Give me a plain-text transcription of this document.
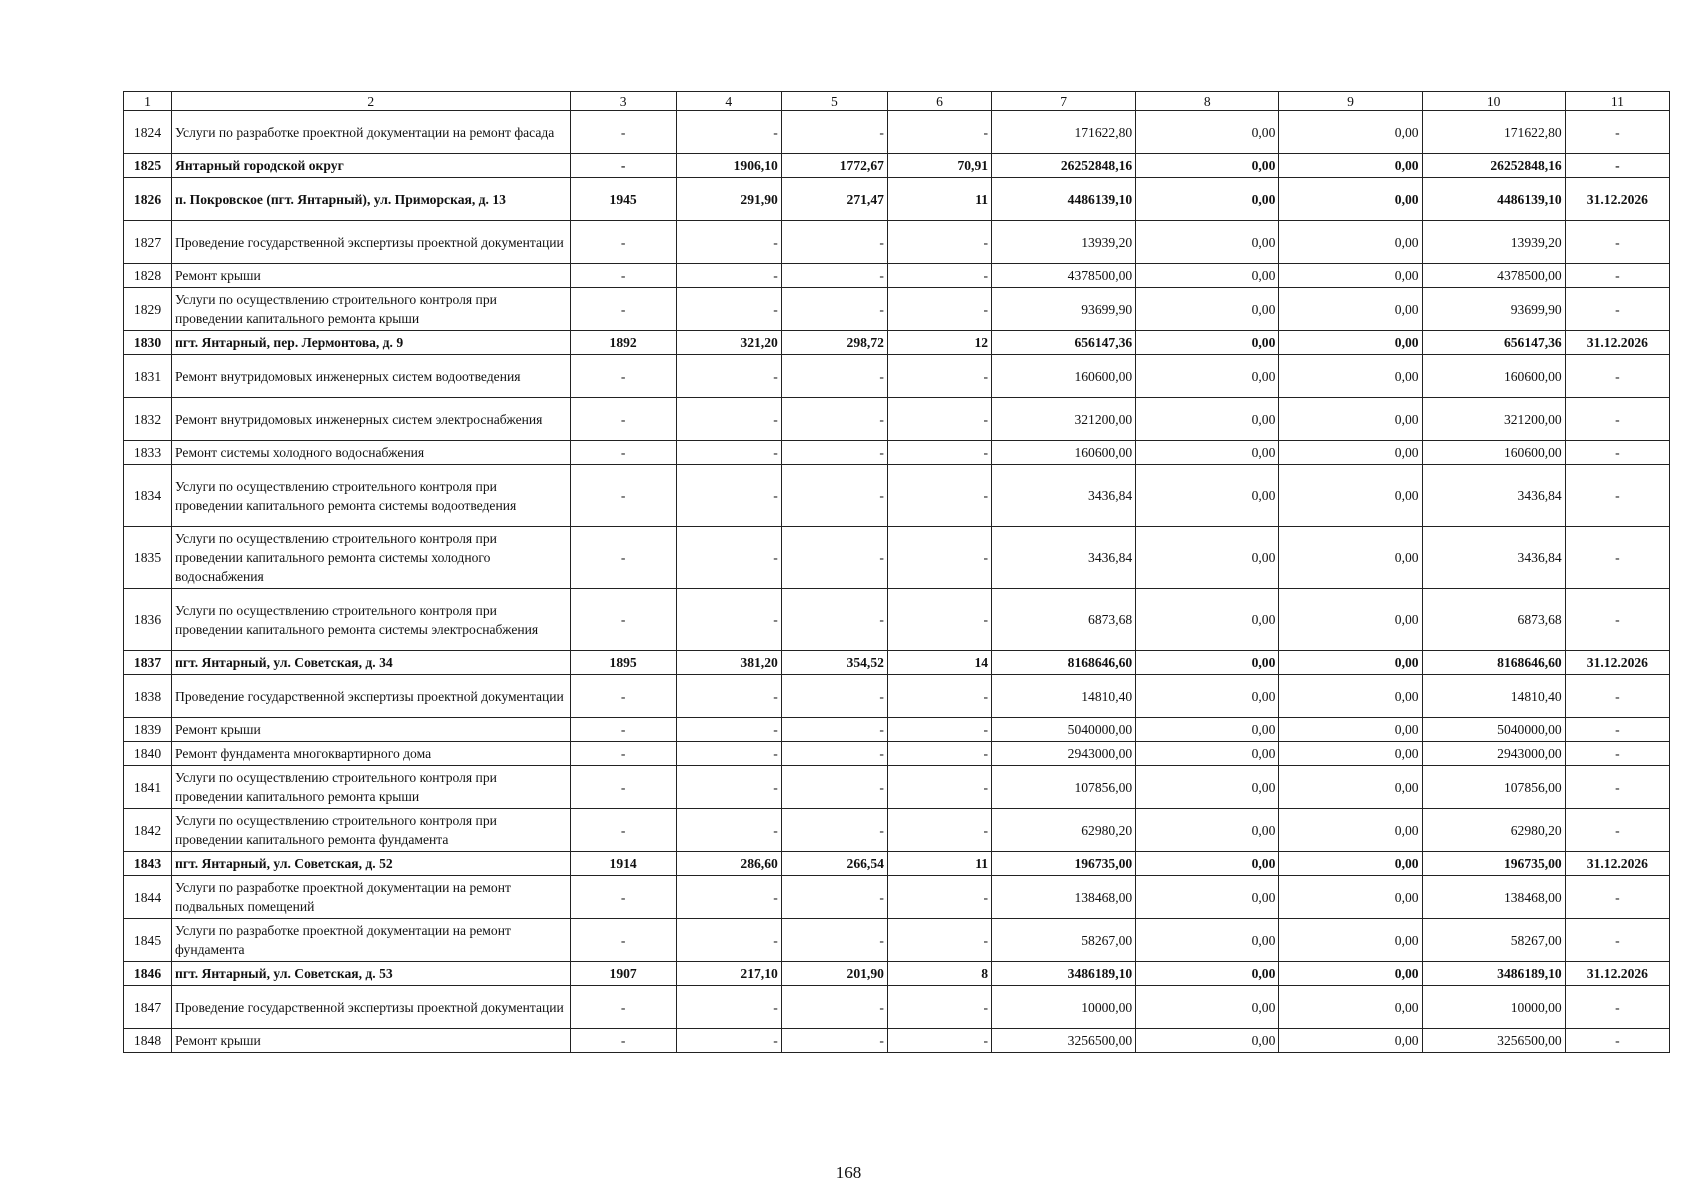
1	2	3	4	5	6	7	8	9	10	11
1824	Услуги по разработке проектной документации на ремонт фасада	-	-	-	-	171622,80	0,00	0,00	171622,80	-
1825	Янтарный городской округ	-	1906,10	1772,67	70,91	26252848,16	0,00	0,00	26252848,16	-
1826	п. Покровское (пгт. Янтарный), ул. Приморская, д. 13	1945	291,90	271,47	11	4486139,10	0,00	0,00	4486139,10	31.12.2026
1827	Проведение государственной экспертизы проектной документации	-	-	-	-	13939,20	0,00	0,00	13939,20	-
1828	Ремонт крыши	-	-	-	-	4378500,00	0,00	0,00	4378500,00	-
1829	Услуги по осуществлению строительного контроля при проведении капитального ремонта крыши	-	-	-	-	93699,90	0,00	0,00	93699,90	-
1830	пгт. Янтарный, пер. Лермонтова, д. 9	1892	321,20	298,72	12	656147,36	0,00	0,00	656147,36	31.12.2026
1831	Ремонт внутридомовых инженерных систем водоотведения	-	-	-	-	160600,00	0,00	0,00	160600,00	-
1832	Ремонт внутридомовых инженерных систем электроснабжения	-	-	-	-	321200,00	0,00	0,00	321200,00	-
1833	Ремонт системы холодного водоснабжения	-	-	-	-	160600,00	0,00	0,00	160600,00	-
1834	Услуги по осуществлению строительного контроля при проведении капитального ремонта системы водоотведения	-	-	-	-	3436,84	0,00	0,00	3436,84	-
1835	Услуги по осуществлению строительного контроля при проведении капитального ремонта системы холодного водоснабжения	-	-	-	-	3436,84	0,00	0,00	3436,84	-
1836	Услуги по осуществлению строительного контроля при проведении капитального ремонта системы электроснабжения	-	-	-	-	6873,68	0,00	0,00	6873,68	-
1837	пгт. Янтарный, ул. Советская, д. 34	1895	381,20	354,52	14	8168646,60	0,00	0,00	8168646,60	31.12.2026
1838	Проведение государственной экспертизы проектной документации	-	-	-	-	14810,40	0,00	0,00	14810,40	-
1839	Ремонт крыши	-	-	-	-	5040000,00	0,00	0,00	5040000,00	-
1840	Ремонт фундамента многоквартирного дома	-	-	-	-	2943000,00	0,00	0,00	2943000,00	-
1841	Услуги по осуществлению строительного контроля при проведении капитального ремонта крыши	-	-	-	-	107856,00	0,00	0,00	107856,00	-
1842	Услуги по осуществлению строительного контроля при проведении капитального ремонта фундамента	-	-	-	-	62980,20	0,00	0,00	62980,20	-
1843	пгт. Янтарный, ул. Советская, д. 52	1914	286,60	266,54	11	196735,00	0,00	0,00	196735,00	31.12.2026
1844	Услуги по разработке проектной документации на ремонт подвальных помещений	-	-	-	-	138468,00	0,00	0,00	138468,00	-
1845	Услуги по разработке проектной документации на ремонт фундамента	-	-	-	-	58267,00	0,00	0,00	58267,00	-
1846	пгт. Янтарный, ул. Советская, д. 53	1907	217,10	201,90	8	3486189,10	0,00	0,00	3486189,10	31.12.2026
1847	Проведение государственной экспертизы проектной документации	-	-	-	-	10000,00	0,00	0,00	10000,00	-
1848	Ремонт крыши	-	-	-	-	3256500,00	0,00	0,00	3256500,00	-
168
